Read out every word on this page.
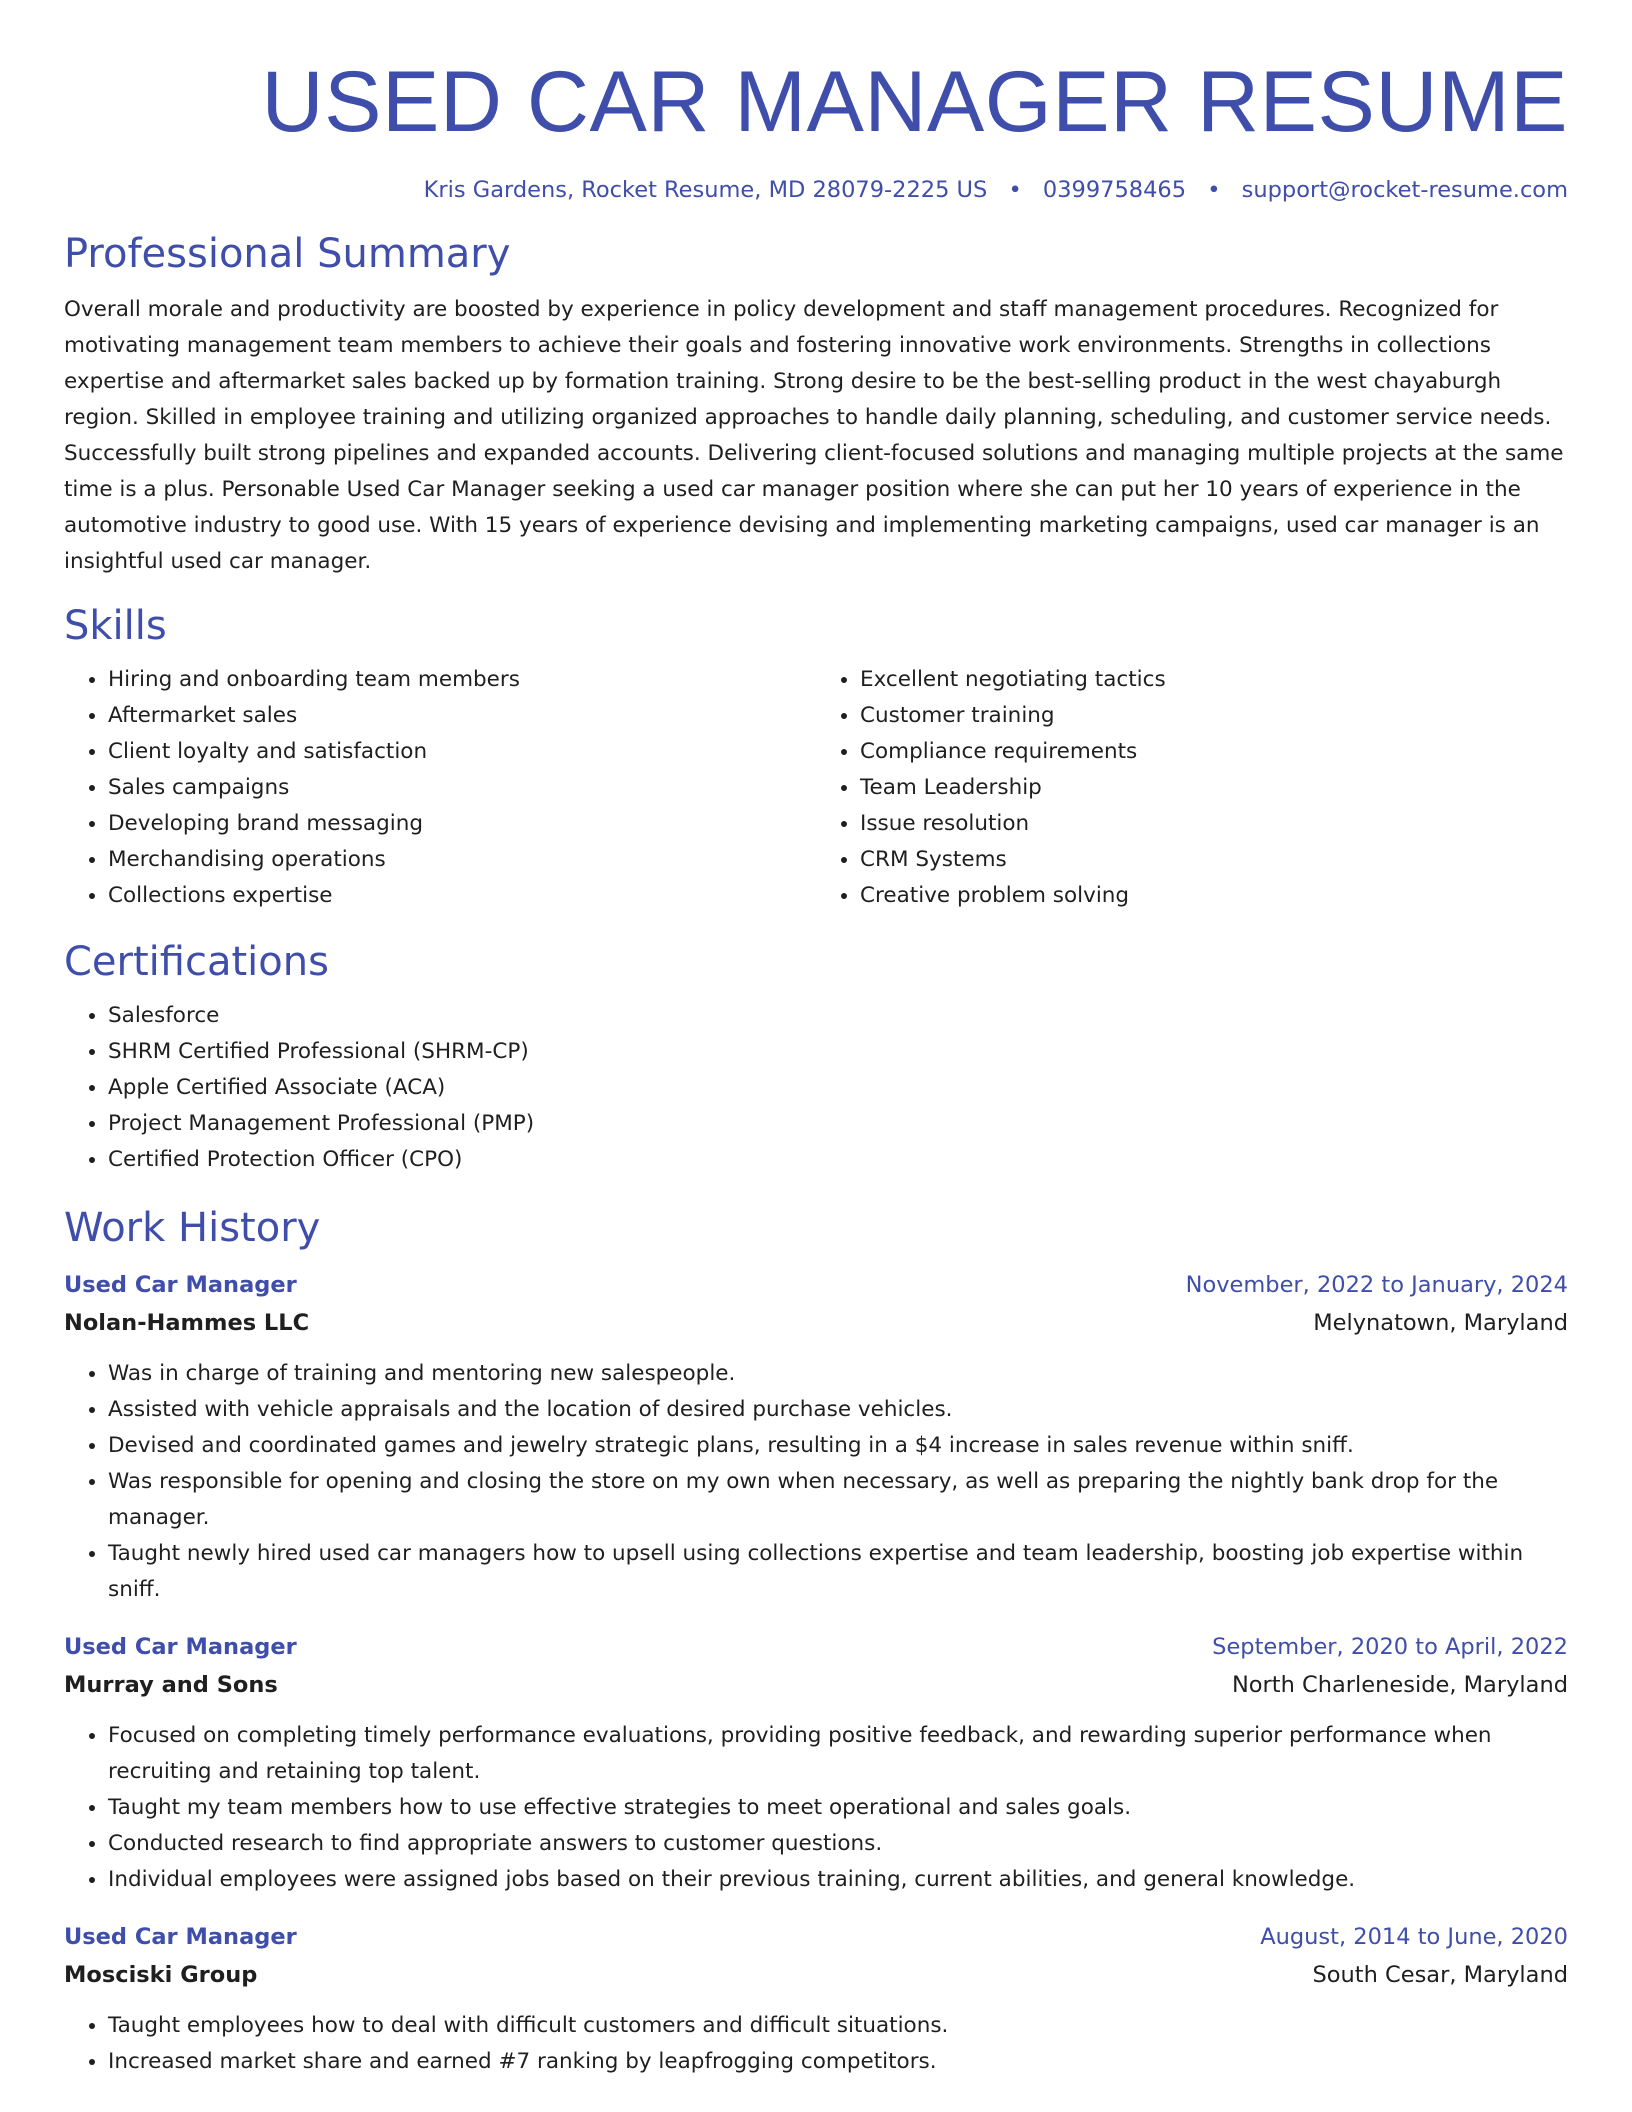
USED CAR MANAGER RESUME
Kris Gardens, Rocket Resume, MD 28079-2225 US • 0399758465 • support@rocket-resume.com
Professional Summary

Overall morale and productivity are boosted by experience in policy development and staff management procedures. Recognized for motivating management team members to achieve their goals and fostering innovative work environments. Strengths in collections expertise and aftermarket sales backed up by formation training. Strong desire to be the best-selling product in the west chayaburgh region. Skilled in employee training and utilizing organized approaches to handle daily planning, scheduling, and customer service needs. Successfully built strong pipelines and expanded accounts. Delivering client-focused solutions and managing multiple projects at the same time is a plus. Personable Used Car Manager seeking a used car manager position where she can put her 10 years of experience in the automotive industry to good use. With 15 years of experience devising and implementing marketing campaigns, used car manager is an insightful used car manager.

Skills
• Hiring and onboarding team members
• Aftermarket sales
• Client loyalty and satisfaction
• Sales campaigns
• Developing brand messaging
• Merchandising operations
• Collections expertise
• Excellent negotiating tactics
• Customer training
• Compliance requirements
• Team Leadership
• Issue resolution
• CRM Systems
• Creative problem solving
Certifications
• Salesforce
• SHRM Certified Professional (SHRM-CP)
• Apple Certified Associate (ACA)
• Project Management Professional (PMP)
• Certified Protection Officer (CPO)
Work History
Used Car Manager	November, 2022 to January, 2024
Nolan-Hammes LLC	Melynatown, Maryland
• Was in charge of training and mentoring new salespeople.
• Assisted with vehicle appraisals and the location of desired purchase vehicles.
• Devised and coordinated games and jewelry strategic plans, resulting in a $4 increase in sales revenue within sniff.
• Was responsible for opening and closing the store on my own when necessary, as well as preparing the nightly bank drop for the manager.
• Taught newly hired used car managers how to upsell using collections expertise and team leadership, boosting job expertise within sniff.
Used Car Manager	September, 2020 to April, 2022
Murray and Sons	North Charleneside, Maryland
• Focused on completing timely performance evaluations, providing positive feedback, and rewarding superior performance when recruiting and retaining top talent.
• Taught my team members how to use effective strategies to meet operational and sales goals.
• Conducted research to find appropriate answers to customer questions.
• Individual employees were assigned jobs based on their previous training, current abilities, and general knowledge.
Used Car Manager	August, 2014 to June, 2020
Mosciski Group	South Cesar, Maryland
• Taught employees how to deal with difficult customers and difficult situations.
• Increased market share and earned #7 ranking by leapfrogging competitors.
